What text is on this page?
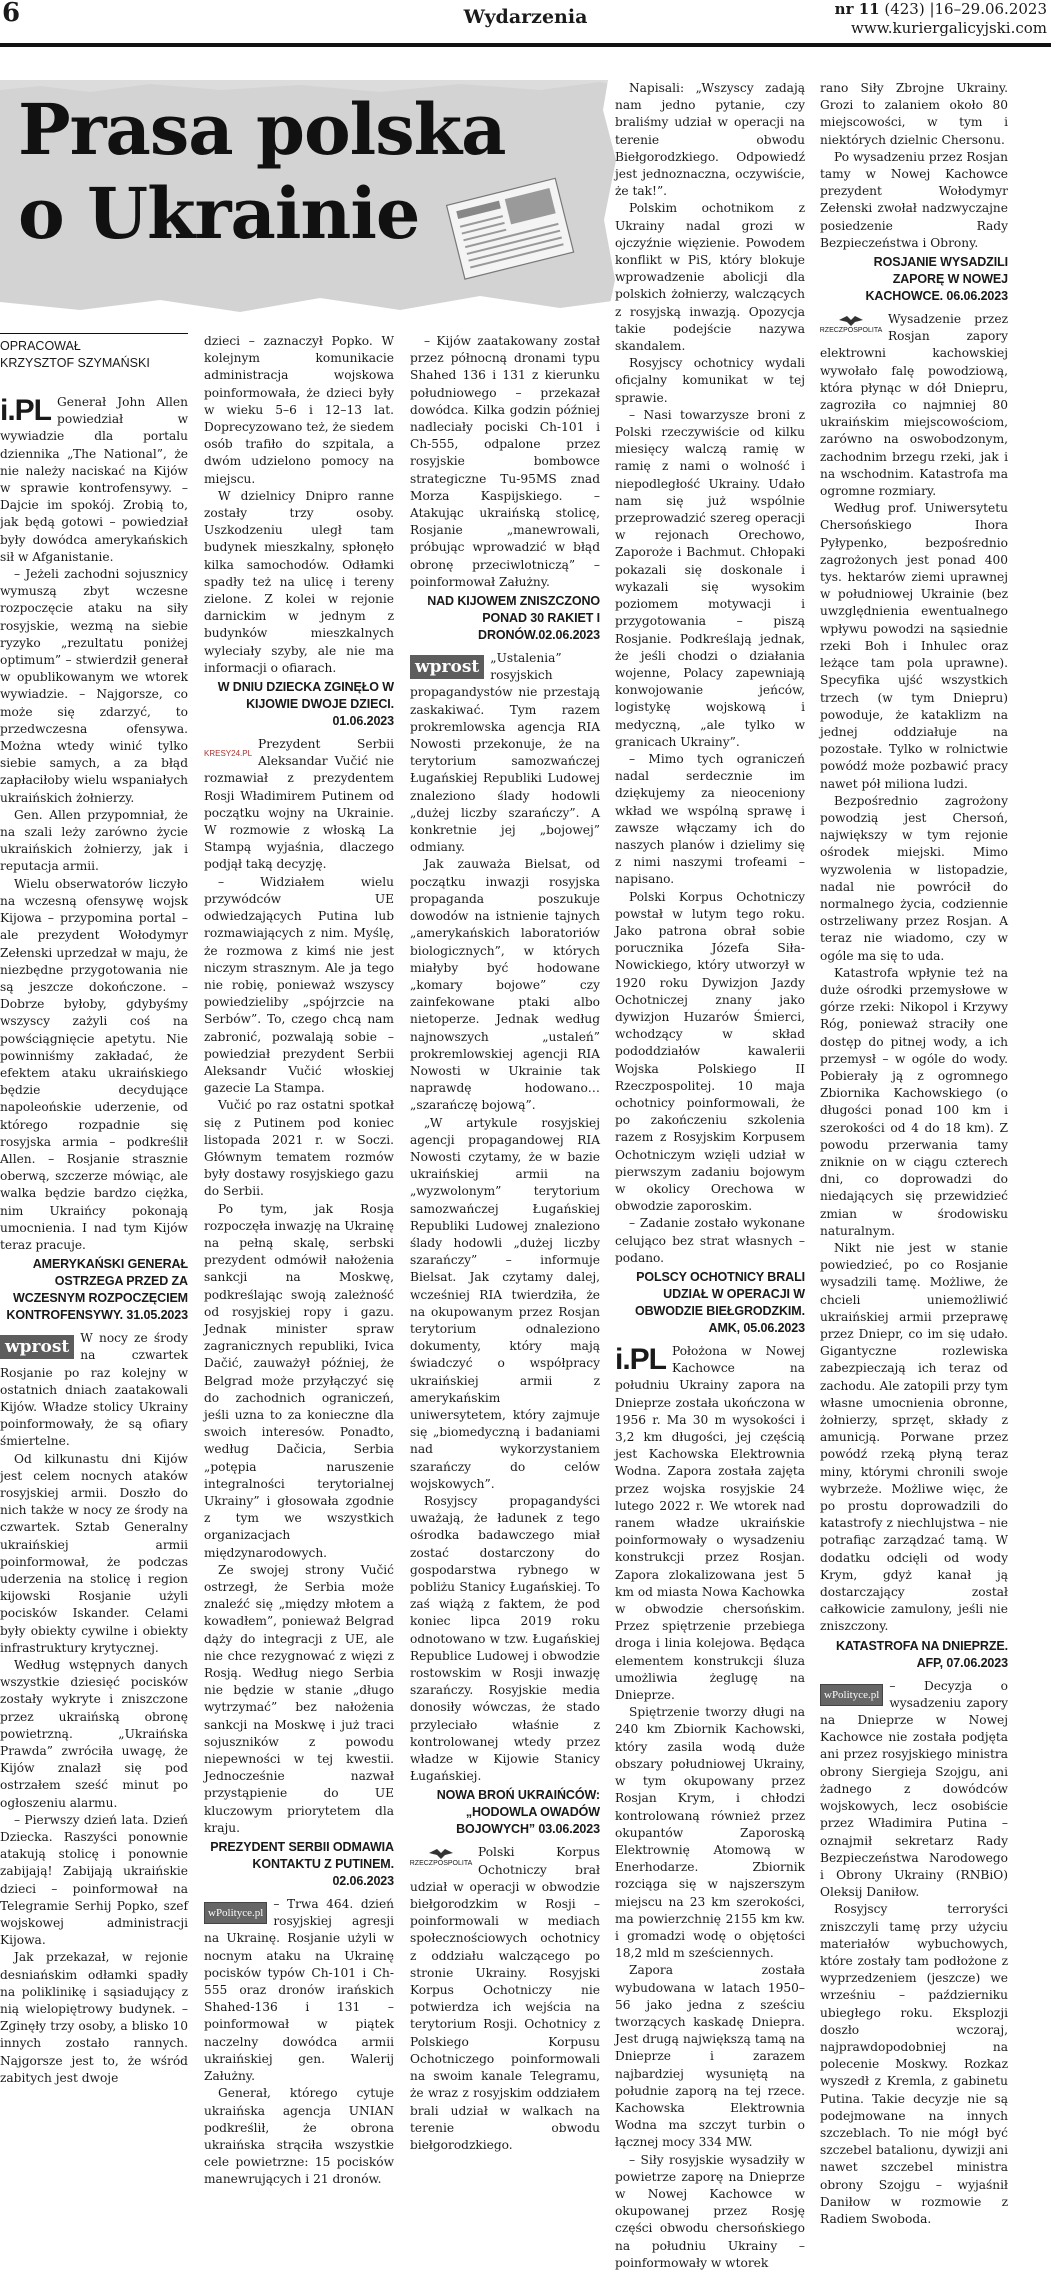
6	Wydarzenia	nr 11 (423) |16–29.06.2023
www.kuriergalicyjski.com
Prasa polska
o Ukrainie
OPRACOWAŁ
KRZYSZTOF SZYMAŃSKI
i.PL Generał John Allen powiedział w wywiadzie dla portalu dziennika „The National”, że nie należy naciskać na Kijów w sprawie kontrofensywy. – Dajcie im spokój. Zrobią to, jak będą gotowi – powiedział były dowódca amerykańskich sił w Afganistanie.

– Jeżeli zachodni sojusznicy wymuszą zbyt wczesne rozpoczęcie ataku na siły rosyjskie, wezmą na siebie ryzyko „rezultatu poniżej optimum” – stwierdził generał w opublikowanym we wtorek wywiadzie. – Najgorsze, co może się zdarzyć, to przedwczesna ofensywa. Można wtedy winić tylko siebie samych, a za błąd zapłaciłoby wielu wspaniałych ukraińskich żołnierzy.

Gen. Allen przypomniał, że na szali leży zarówno życie ukraińskich żołnierzy, jak i reputacja armii.

Wielu obserwatorów liczyło na wczesną ofensywę wojsk Kijowa – przypomina portal – ale prezydent Wołodymyr Zełenski uprzedzał w maju, że niezbędne przygotowania nie są jeszcze dokończone. – Dobrze byłoby, gdybyśmy wszyscy zażyli coś na powściągnięcie apetytu. Nie powinniśmy zakładać, że efektem ataku ukraińskiego będzie decydujące napoleońskie uderzenie, od którego rozpadnie się rosyjska armia – podkreślił Allen. – Rosjanie strasznie oberwą, szczerze mówiąc, ale walka będzie bardzo ciężka, nim Ukraińcy pokonają umocnienia. I nad tym Kijów teraz pracuje.

AMERYKAŃSKI GENERAŁ OSTRZEGA PRZED ZA WCZESNYM ROZPOCZĘCIEM KONTROFENSYWY. 31.05.2023
wprost W nocy ze środy na czwartek Rosjanie po raz kolejny w ostatnich dniach zaatakowali Kijów. Władze stolicy Ukrainy poinformowały, że są ofiary śmiertelne.

Od kilkunastu dni Kijów jest celem nocnych ataków rosyjskiej armii. Doszło do nich także w nocy ze środy na czwartek. Sztab Generalny ukraińskiej armii poinformował, że podczas uderzenia na stolicę i region kijowski Rosjanie użyli pocisków Iskander. Celami były obiekty cywilne i obiekty infrastruktury krytycznej.

Według wstępnych danych wszystkie dziesięć pocisków zostały wykryte i zniszczone przez ukraińską obronę powietrzną. „Ukraińska Prawda” zwróciła uwagę, że Kijów znalazł się pod ostrzałem sześć minut po ogłoszeniu alarmu.

– Pierwszy dzień lata. Dzień Dziecka. Raszyści ponownie atakują stolicę i ponownie zabijają! Zabijają ukraińskie dzieci – poinformował na Telegramie Serhij Popko, szef wojskowej administracji Kijowa.

Jak przekazał, w rejonie desniańskim odłamki spadły na poliklinikę i sąsiadujący z nią wielopiętrowy budynek. – Zginęły trzy osoby, a blisko 10 innych zostało rannych. Najgorsze jest to, że wśród zabitych jest dwoje

dzieci – zaznaczył Popko. W kolejnym komunikacie administracja wojskowa poinformowała, że dzieci były w wieku 5–6 i 12–13 lat. Doprecyzowano też, że siedem osób trafiło do szpitala, a dwóm udzielono pomocy na miejscu.

W dzielnicy Dnipro ranne zostały trzy osoby. Uszkodzeniu uległ tam budynek mieszkalny, spłonęło kilka samochodów. Odłamki spadły też na ulicę i tereny zielone. Z kolei w rejonie darnickim w jednym z budynków mieszkalnych wyleciały szyby, ale nie ma informacji o ofiarach.

W DNIU DZIECKA ZGINĘŁO W KIJOWIE DWOJE DZIECI. 01.06.2023
KRESY24.PL

Prezydent Serbii Aleksandar Vučić nie rozmawiał z prezydentem Rosji Władimirem Putinem od początku wojny na Ukrainie. W rozmowie z włoską La Stampą wyjaśnia, dlaczego podjął taką decyzję.

– Widziałem wielu przywódców UE odwiedzających Putina lub rozmawiających z nim. Myślę, że rozmowa z kimś nie jest niczym strasznym. Ale ja tego nie robię, ponieważ wszyscy powiedzieliby „spójrzcie na Serbów”. To, czego chcą nam zabronić, pozwalają sobie – powiedział prezydent Serbii Aleksandr Vučić włoskiej gazecie La Stampa.

Vučić po raz ostatni spotkał się z Putinem pod koniec listopada 2021 r. w Soczi. Głównym tematem rozmów były dostawy rosyjskiego gazu do Serbii.

Po tym, jak Rosja rozpoczęła inwazję na Ukrainę na pełną skalę, serbski prezydent odmówił nałożenia sankcji na Moskwę, podkreślając swoją zależność od rosyjskiej ropy i gazu. Jednak minister spraw zagranicznych republiki, Ivica Dačić, zauważył później, że Belgrad może przyłączyć się do zachodnich ograniczeń, jeśli uzna to za konieczne dla swoich interesów. Ponadto, według Dačicia, Serbia „potępia naruszenie integralności terytorialnej Ukrainy” i głosowała zgodnie z tym we wszystkich organizacjach międzynarodowych.

Ze swojej strony Vučić ostrzegł, że Serbia może znaleźć się „między młotem a kowadłem”, ponieważ Belgrad dąży do integracji z UE, ale nie chce rezygnować z więzi z Rosją. Według niego Serbia nie będzie w stanie „długo wytrzymać” bez nałożenia sankcji na Moskwę i już traci sojuszników z powodu niepewności w tej kwestii. Jednocześnie nazwał przystąpienie do UE kluczowym priorytetem dla kraju.

PREZYDENT SERBII ODMAWIA KONTAKTU Z PUTINEM. 02.06.2023
wPolityce.pl

– Trwa 464. dzień rosyjskiej agresji na Ukrainę. Rosjanie użyli w nocnym ataku na Ukrainę pocisków typów Ch-101 i Ch-555 oraz dronów irańskich Shahed-136 i 131 – poinformował w piątek naczelny dowódca armii ukraińskiej gen. Walerij Załużny.

Generał, którego cytuje ukraińska agencja UNIAN podkreślił, że obrona ukraińska strąciła wszystkie cele powietrzne: 15 pocisków manewrujących i 21 dronów.

– Kijów zaatakowany został przez północną dronami typu Shahed 136 i 131 z kierunku południowego – przekazał dowódca. Kilka godzin później nadleciały pociski Ch-101 i Ch-555, odpalone przez rosyjskie bombowce strategiczne Tu-95MS znad Morza Kaspijskiego. – Atakując ukraińską stolicę, Rosjanie „manewrowali, próbując wprowadzić w błąd obronę przeciwlotniczą” – poinformował Załużny.

NAD KIJOWEM ZNISZCZONO PONAD 30 RAKIET I DRONÓW.02.06.2023
wprost „Ustalenia” rosyjskich propagandystów nie przestają zaskakiwać. Tym razem prokremlowska agencja RIA Nowosti przekonuje, że na terytorium samozwańczej Ługańskiej Republiki Ludowej znaleziono ślady hodowli „dużej liczby szarańczy”. A konkretnie jej „bojowej” odmiany.

Jak zauważa Bielsat, od początku inwazji rosyjska propaganda poszukuje dowodów na istnienie tajnych „amerykańskich laboratoriów biologicznych”, w których miałyby być hodowane „komary bojowe” czy zainfekowane ptaki albo nietoperze. Jednak według najnowszych „ustaleń” prokremlowskiej agencji RIA Nowosti w Ukrainie tak naprawdę hodowano… „szarańczę bojową”.

„W artykule rosyjskiej agencji propagandowej RIA Nowosti czytamy, że w bazie ukraińskiej armii na „wyzwolonym” terytorium samozwańczej Ługańskiej Republiki Ludowej znaleziono ślady hodowli „dużej liczby szarańczy” – informuje Bielsat. Jak czytamy dalej, wcześniej RIA twierdziła, że na okupowanym przez Rosjan terytorium odnaleziono dokumenty, który mają świadczyć o współpracy ukraińskiej armii z amerykańskim uniwersytetem, który zajmuje się „biomedyczną i badaniami nad wykorzystaniem szarańczy do celów wojskowych”.

Rosyjscy propagandyści uważają, że ładunek z tego ośrodka badawczego miał zostać dostarczony do gospodarstwa rybnego w pobliżu Stanicy Ługańskiej. To zaś wiążą z faktem, że pod koniec lipca 2019 roku odnotowano w tzw. Ługańskiej Republice Ludowej i obwodzie rostowskim w Rosji inwazję szarańczy. Rosyjskie media donosiły wówczas, że stado przyleciało właśnie z kontrolowanej wtedy przez władze w Kijowie Stanicy Ługańskiej.

NOWA BROŃ UKRAIŃCÓW: „HODOWLA OWADÓW BOJOWYCH” 03.06.2023
RZECZPOSPOLITA

Polski Korpus Ochotniczy brał udział w operacji w obwodzie biełgorodzkim w Rosji – poinformowali w mediach społecznościowych ochotnicy z oddziału walczącego po stronie Ukrainy. Rosyjski Korpus Ochotniczy nie potwierdza ich wejścia na terytorium Rosji. Ochotnicy z Polskiego Korpusu Ochotniczego poinformowali na swoim kanale Telegramu, że wraz z rosyjskim oddziałem brali udział w walkach na terenie obwodu biełgorodzkiego.

Napisali: „Wszyscy zadają nam jedno pytanie, czy braliśmy udział w operacji na terenie obwodu Biełgorodzkiego. Odpowiedź jest jednoznaczna, oczywiście, że tak!”.

Polskim ochotnikom z Ukrainy nadal grozi w ojczyźnie więzienie. Powodem konflikt w PiS, który blokuje wprowadzenie abolicji dla polskich żołnierzy, walczących z rosyjską inwazją. Opozycja takie podejście nazywa skandalem.

Rosyjscy ochotnicy wydali oficjalny komunikat w tej sprawie.

– Nasi towarzysze broni z Polski rzeczywiście od kilku miesięcy walczą ramię w ramię z nami o wolność i niepodległość Ukrainy. Udało nam się już wspólnie przeprowadzić szereg operacji w rejonach Orechowo, Zaporoże i Bachmut. Chłopaki pokazali się doskonale i wykazali się wysokim poziomem motywacji i przygotowania – piszą Rosjanie. Podkreślają jednak, że jeśli chodzi o działania wojenne, Polacy zapewniają konwojowanie jeńców, logistykę wojskową i medyczną, „ale tylko w granicach Ukrainy”.

– Mimo tych ograniczeń nadal serdecznie im dziękujemy za nieoceniony wkład we wspólną sprawę i zawsze włączamy ich do naszych planów i dzielimy się z nimi naszymi trofeami – napisano.

Polski Korpus Ochotniczy powstał w lutym tego roku. Jako patrona obrał sobie porucznika Józefa Siła-Nowickiego, który utworzył w 1920 roku Dywizjon Jazdy Ochotniczej znany jako dywizjon Huzarów Śmierci, wchodzący w skład pododdziałów kawalerii Wojska Polskiego II Rzeczpospolitej. 10 maja ochotnicy poinformowali, że po zakończeniu szkolenia razem z Rosyjskim Korpusem Ochotniczym wzięli udział w pierwszym zadaniu bojowym w okolicy Orechowa w obwodzie zaporoskim.

– Zadanie zostało wykonane celująco bez strat własnych – podano.

POLSCY OCHOTNICY BRALI UDZIAŁ W OPERACJI W OBWODZIE BIEŁGRODZKIM. AMK, 05.06.2023
i.PL Położona w Nowej Kachowce na południu Ukrainy zapora na Dnieprze została ukończona w 1956 r. Ma 30 m wysokości i 3,2 km długości, jej częścią jest Kachowska Elektrownia Wodna. Zapora została zajęta przez wojska rosyjskie 24 lutego 2022 r. We wtorek nad ranem władze ukraińskie poinformowały o wysadzeniu konstrukcji przez Rosjan. Zapora zlokalizowana jest 5 km od miasta Nowa Kachowka w obwodzie chersońskim. Przez spiętrzenie przebiega droga i linia kolejowa. Będąca elementem konstrukcji śluza umożliwia żeglugę na Dnieprze.

Spiętrzenie tworzy długi na 240 km Zbiornik Kachowski, który zasila wodą duże obszary południowej Ukrainy, w tym okupowany przez Rosjan Krym, i chłodzi kontrolowaną również przez okupantów Zaporoską Elektrownię Atomową w Enerhodarze. Zbiornik rozciąga się w najszerszym miejscu na 23 km szerokości, ma powierzchnię 2155 km kw. i gromadzi wodę o objętości 18,2 mld m sześciennych.

Zapora została wybudowana w latach 1950–56 jako jedna z sześciu tworzących kaskadę Dniepra. Jest drugą największą tamą na Dnieprze i zarazem najbardziej wysuniętą na południe zaporą na tej rzece. Kachowska Elektrownia Wodna ma szczyt turbin o łącznej mocy 334 MW.

– Siły rosyjskie wysadziły w powietrze zaporę na Dnieprze w Nowej Kachowce w okupowanej przez Rosję części obwodu chersońskiego na południu Ukrainy – poinformowały w wtorek

rano Siły Zbrojne Ukrainy. Grozi to zalaniem około 80 miejscowości, w tym i niektórych dzielnic Chersonu.

Po wysadzeniu przez Rosjan tamy w Nowej Kachowce prezydent Wołodymyr Zełenski zwołał nadzwyczajne posiedzenie Rady Bezpieczeństwa i Obrony.

ROSJANIE WYSADZILI ZAPORĘ W NOWEJ KACHOWCE. 06.06.2023
RZECZPOSPOLITA

Wysadzenie przez Rosjan zapory elektrowni kachowskiej wywołało falę powodziową, która płynąc w dół Dniepru, zagroziła co najmniej 80 ukraińskim miejscowościom, zarówno na oswobodzonym, zachodnim brzegu rzeki, jak i na wschodnim. Katastrofa ma ogromne rozmiary.

Według prof. Uniwersytetu Chersońskiego Ihora Pyłypenko, bezpośrednio zagrożonych jest ponad 400 tys. hektarów ziemi uprawnej w południowej Ukrainie (bez uwzględnienia ewentualnego wpływu powodzi na sąsiednie rzeki Boh i Inhulec oraz leżące tam pola uprawne). Specyfika ujść wszystkich trzech (w tym Dniepru) powoduje, że kataklizm na jednej oddziałuje na pozostałe. Tylko w rolnictwie powódź może pozbawić pracy nawet pół miliona ludzi.

Bezpośrednio zagrożony powodzią jest Chersoń, największy w tym rejonie ośrodek miejski. Mimo wyzwolenia w listopadzie, nadal nie powrócił do normalnego życia, codziennie ostrzeliwany przez Rosjan. A teraz nie wiadomo, czy w ogóle ma się to uda.

Katastrofa wpłynie też na duże ośrodki przemysłowe w górze rzeki: Nikopol i Krzywy Róg, ponieważ straciły one dostęp do pitnej wody, a ich przemysł – w ogóle do wody. Pobierały ją z ogromnego Zbiornika Kachowskiego (o długości ponad 100 km i szerokości od 4 do 18 km). Z powodu przerwania tamy zniknie on w ciągu czterech dni, co doprowadzi do niedających się przewidzieć zmian w środowisku naturalnym.

Nikt nie jest w stanie powiedzieć, po co Rosjanie wysadzili tamę. Możliwe, że chcieli uniemożliwić ukraińskiej armii przeprawę przez Dniepr, co im się udało. Gigantyczne rozlewiska zabezpieczają ich teraz od zachodu. Ale zatopili przy tym własne umocnienia obronne, żołnierzy, sprzęt, składy z amunicją. Porwane przez powódź rzeką płyną teraz miny, którymi chronili swoje wybrzeże. Możliwe więc, że po prostu doprowadzili do katastrofy z niechlujstwa – nie potrafiąc zarządzać tamą. W dodatku odcięli od wody Krym, gdyż kanał ją dostarczający został całkowicie zamulony, jeśli nie zniszczony.

KATASTROFA NA DNIEPRZE. AFP, 07.06.2023
wPolityce.pl

– Decyzja o wysadzeniu zapory na Dnieprze w Nowej Kachowce nie została podjęta ani przez rosyjskiego ministra obrony Siergieja Szojgu, ani żadnego z dowódców wojskowych, lecz osobiście przez Władimira Putina – oznajmił sekretarz Rady Bezpieczeństwa Narodowego i Obrony Ukrainy (RNBiO) Oleksij Daniłow.

Rosyjscy terroryści zniszczyli tamę przy użyciu materiałów wybuchowych, które zostały tam podłożone z wyprzedzeniem (jeszcze) we wrześniu – październiku ubiegłego roku. Eksplozji doszło wczoraj, najprawdopodobniej na polecenie Moskwy. Rozkaz wyszedł z Kremla, z gabinetu Putina. Takie decyzje nie są podejmowane na innych szczeblach. To nie mógł być szczebel batalionu, dywizji ani nawet szczebel ministra obrony Szojgu – wyjaśnił Daniłow w rozmowie z Radiem Swoboda.
